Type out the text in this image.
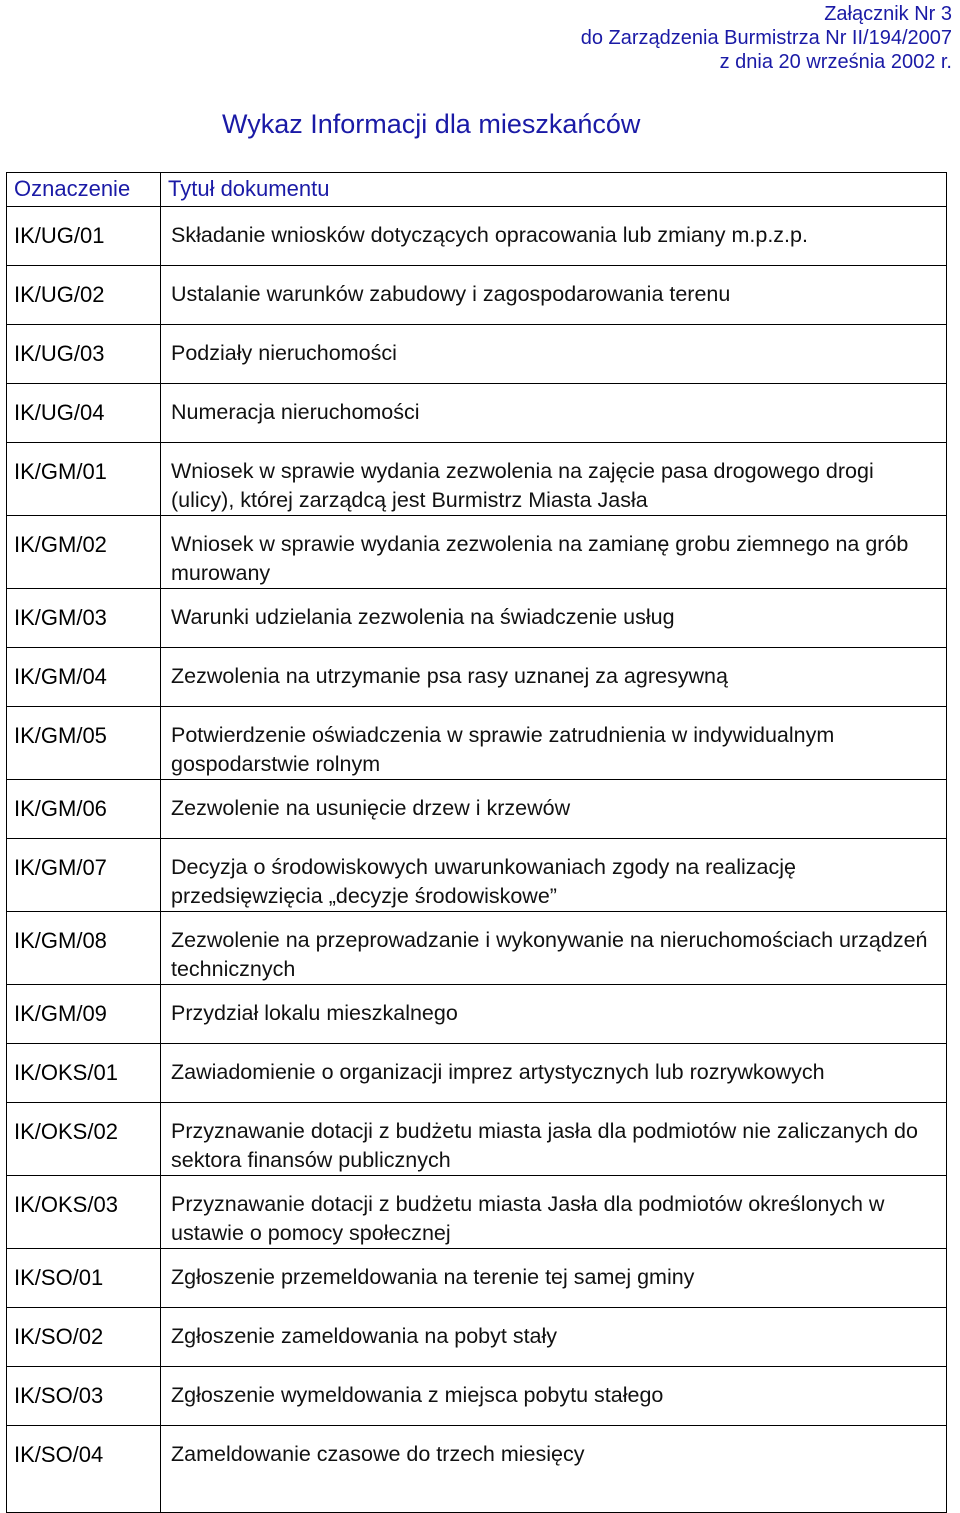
Załącznik Nr 3
do Zarządzenia Burmistrza Nr II/194/2007
z dnia 20 września 2002 r.
Wykaz Informacji dla mieszkańców
Oznaczenie	Tytuł dokumentu
IK/UG/01	Składanie wniosków dotyczących opracowania lub zmiany m.p.z.p.
IK/UG/02	Ustalanie warunków zabudowy i zagospodarowania terenu
IK/UG/03	Podziały nieruchomości
IK/UG/04	Numeracja nieruchomości
IK/GM/01	Wniosek w sprawie wydania zezwolenia na zajęcie pasa drogowego drogi (ulicy), której zarządcą jest Burmistrz Miasta Jasła
IK/GM/02	Wniosek w sprawie wydania zezwolenia na zamianę grobu ziemnego na grób murowany
IK/GM/03	Warunki udzielania zezwolenia na świadczenie usług
IK/GM/04	Zezwolenia na utrzymanie psa rasy uznanej za agresywną
IK/GM/05	Potwierdzenie oświadczenia w sprawie zatrudnienia w indywidualnym gospodarstwie rolnym
IK/GM/06	Zezwolenie na usunięcie drzew i krzewów
IK/GM/07	Decyzja o środowiskowych uwarunkowaniach zgody na realizację przedsięwzięcia „decyzje środowiskowe”
IK/GM/08	Zezwolenie na przeprowadzanie i wykonywanie na nieruchomościach urządzeń technicznych
IK/GM/09	Przydział lokalu mieszkalnego
IK/OKS/01	Zawiadomienie o organizacji imprez artystycznych lub rozrywkowych
IK/OKS/02	Przyznawanie dotacji z budżetu miasta jasła dla podmiotów nie zaliczanych do sektora finansów publicznych
IK/OKS/03	Przyznawanie dotacji z budżetu miasta Jasła dla podmiotów określonych w ustawie o pomocy społecznej
IK/SO/01	Zgłoszenie przemeldowania na terenie tej samej gminy
IK/SO/02	Zgłoszenie zameldowania na pobyt stały
IK/SO/03	Zgłoszenie wymeldowania z miejsca pobytu stałego
IK/SO/04	Zameldowanie czasowe do trzech miesięcy
